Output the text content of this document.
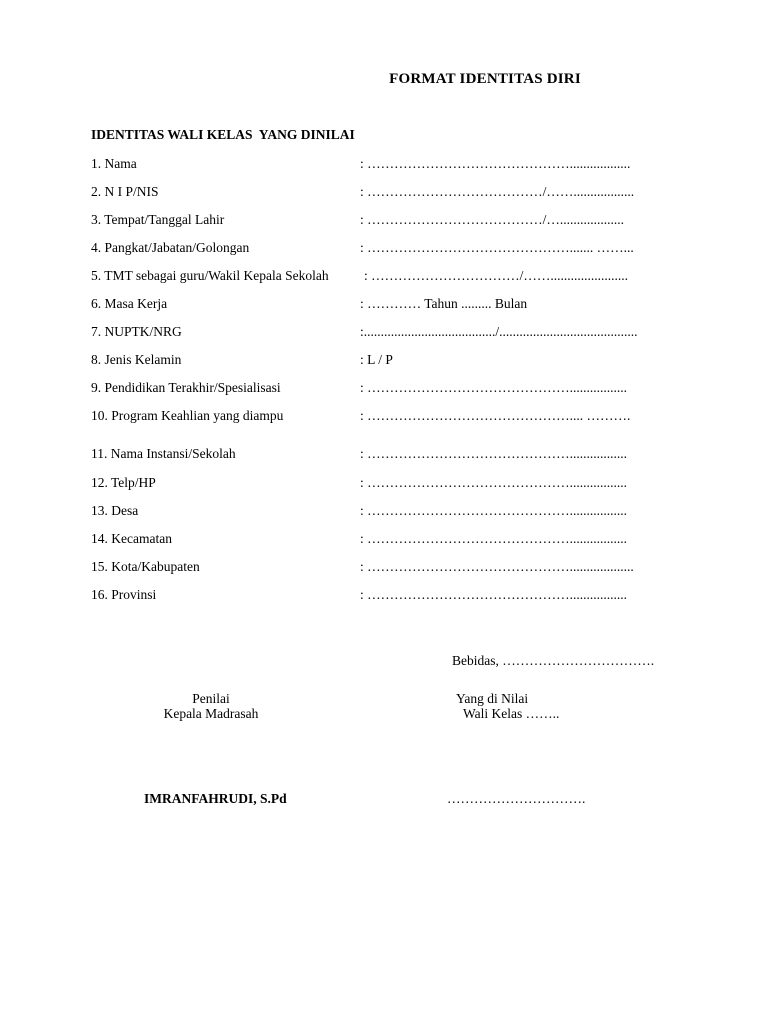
FORMAT IDENTITAS DIRI
IDENTITAS WALI KELAS  YANG DINILAI

1. Nama

	: ………………………………………..................

2. N I P/NIS

	: …………………………………/……..................

3. Tempat/Tanggal Lahir

	: …………………………………/…...................

4. Pangkat/Jabatan/Golongan

	: ………………………………………....... ……...

5. TMT sebagai guru/Wakil Kepala Sekolah

	: ……………………………/…….......................

6. Masa Kerja

	: ………… Tahun ......... Bulan

7. NUPTK/NRG

	:......................................./.........................................

8. Jenis Kelamin

	: L / P

9. Pendidikan Terakhir/Spesialisasi

	: ……………………………………….................

10. Program Keahlian yang diampu

	: ……………………………………….... ……….

11. Nama Instansi/Sekolah

	: ……………………………………….................

12. Telp/HP

	: ……………………………………….................

13. Desa

	: ……………………………………….................

14. Kecamatan

	: ……………………………………….................

15. Kota/Kabupaten

	: ………………………………………...................

16. Provinsi

	: ……………………………………….................

Bebidas, …………………………….
Penilai
Kepala Madrasah
IMRANFAHRUDI, S.Pd
Yang di Nilai
Wali Kelas ……..
………………………….
